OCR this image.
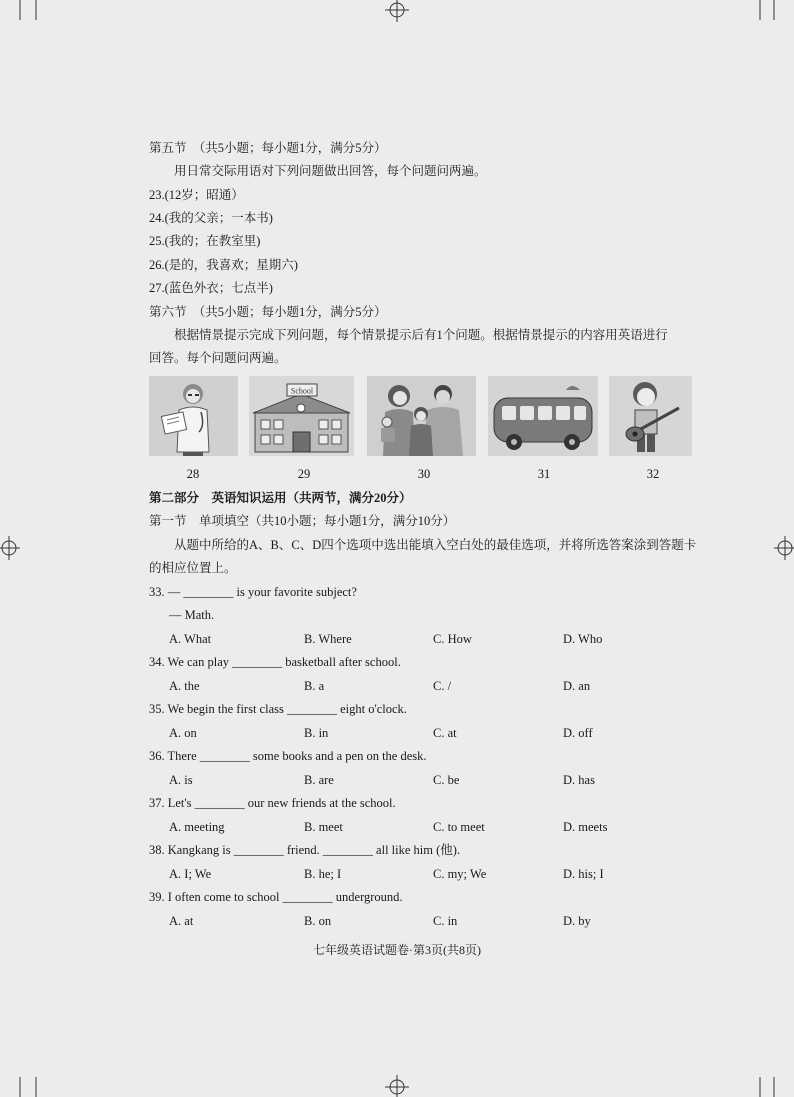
第五节　（共5小题；每小题1分，满分5分）
用日常交际用语对下列问题做出回答，每个问题问两遍。
23.(12岁；昭通）
24.(我的父亲；一本书)
25.(我的；在教室里)
26.(是的，我喜欢；星期六)
27.(蓝色外衣；七点半)
第六节　（共5小题；每小题1分，满分5分）
根据情景提示完成下列问题，每个情景提示后有1个问题。根据情景提示的内容用英语进行
回答。每个问题问两遍。
School
28	29	30	31	32
第二部分　英语知识运用（共两节，满分20分）
第一节　单项填空（共10小题；每小题1分，满分10分）
从题中所给的A、B、C、D四个选项中选出能填入空白处的最佳选项，并将所选答案涂到答题卡
的相应位置上。
33. — ________ is your favorite subject?
— Math.
A. What	B. Where	C. How	D. Who
34. We can play ________ basketball after school.
A. the	B. a	C. /	D. an
35. We begin the first class ________ eight o'clock.
A. on	B. in	C. at	D. off
36. There ________ some books and a pen on the desk.
A. is	B. are	C. be	D. has
37. Let's ________ our new friends at the school.
A. meeting	B. meet	C. to meet	D. meets
38. Kangkang is ________ friend. ________ all like him (他).
A. I; We	B. he; I	C. my; We	D. his; I
39. I often come to school ________ underground.
A. at	B. on	C. in	D. by
七年级英语试题卷·第3页(共8页)
